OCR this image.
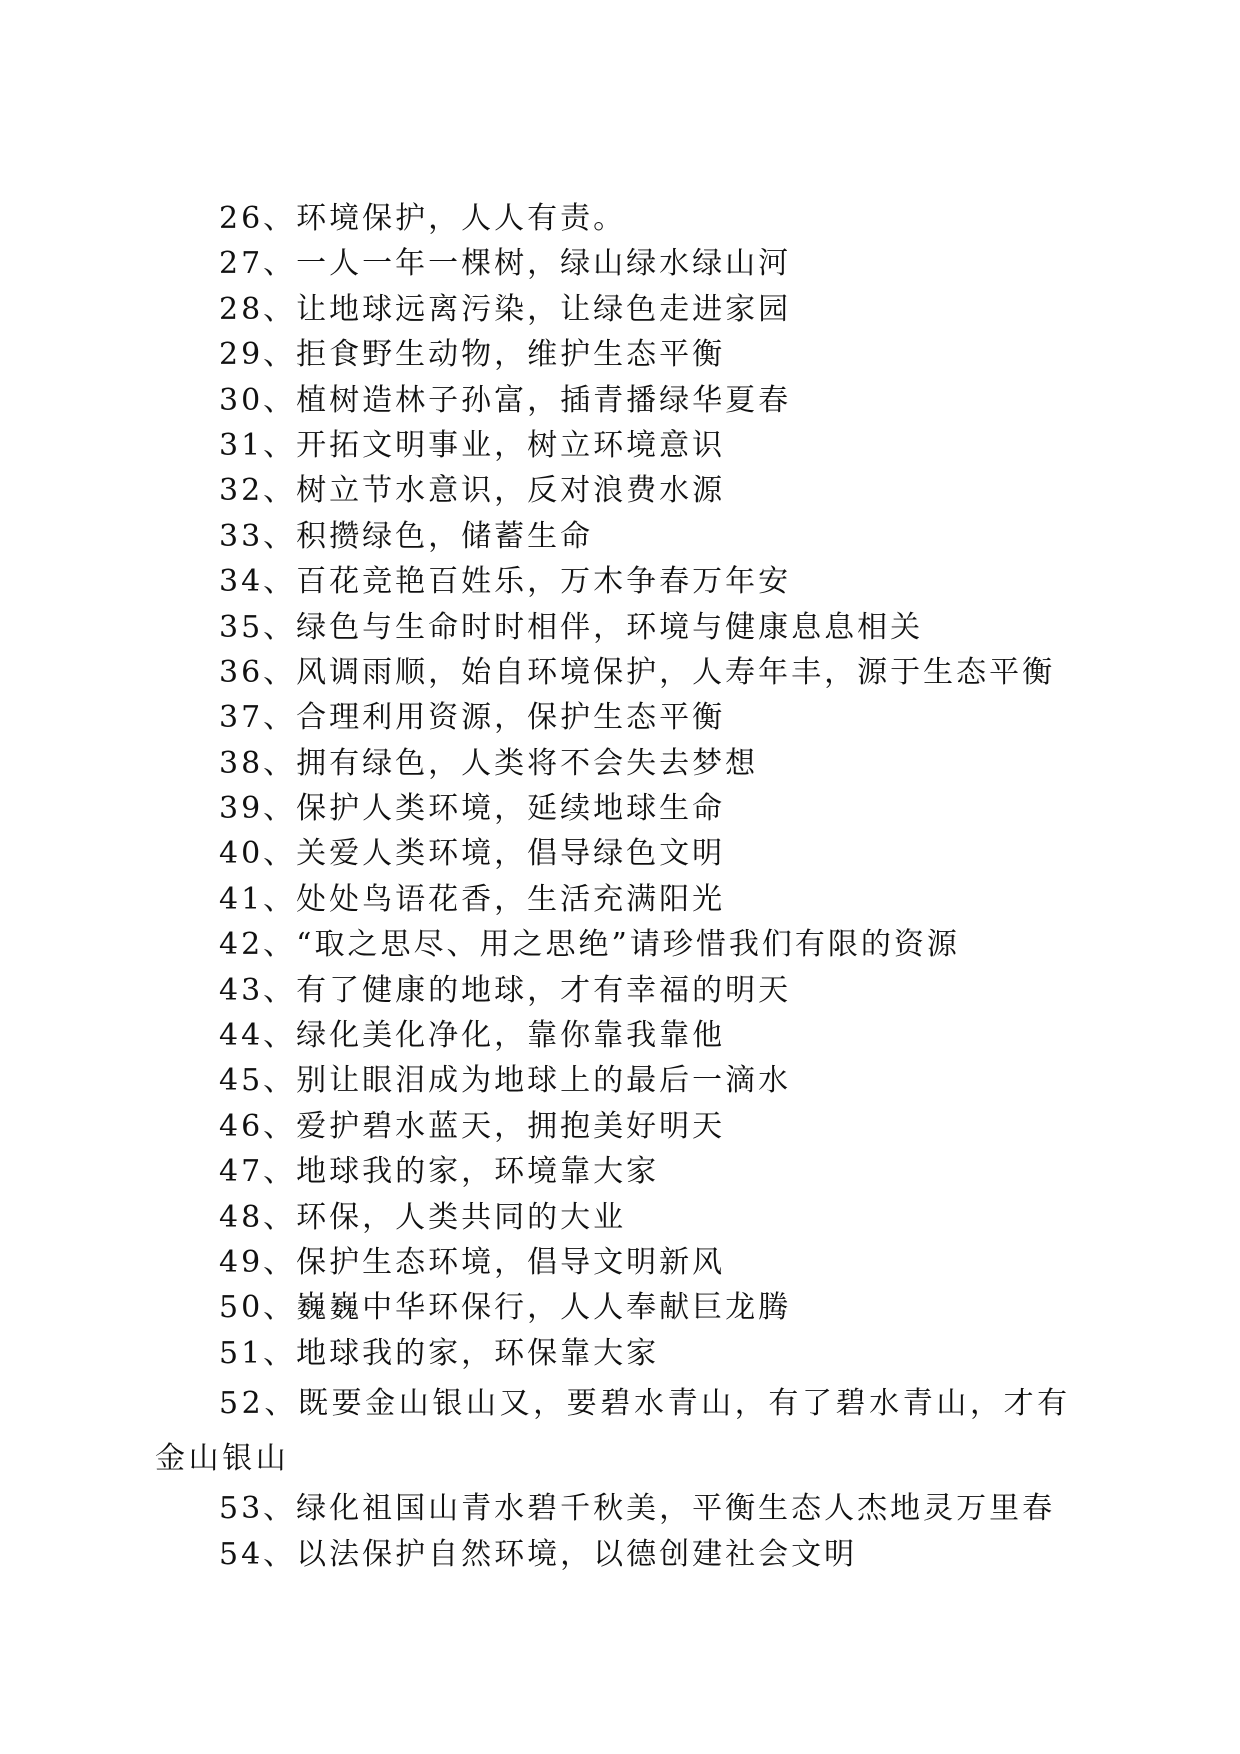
26、环境保护，人人有责。
27、一人一年一棵树，绿山绿水绿山河
28、让地球远离污染，让绿色走进家园
29、拒食野生动物，维护生态平衡
30、植树造林子孙富，插青播绿华夏春
31、开拓文明事业，树立环境意识
32、树立节水意识，反对浪费水源
33、积攒绿色，储蓄生命
34、百花竞艳百姓乐，万木争春万年安
35、绿色与生命时时相伴，环境与健康息息相关
36、风调雨顺，始自环境保护，人寿年丰，源于生态平衡
37、合理利用资源，保护生态平衡
38、拥有绿色，人类将不会失去梦想
39、保护人类环境，延续地球生命
40、关爱人类环境，倡导绿色文明
41、处处鸟语花香，生活充满阳光
42、“取之思尽、用之思绝”请珍惜我们有限的资源
43、有了健康的地球，才有幸福的明天
44、绿化美化净化，靠你靠我靠他
45、别让眼泪成为地球上的最后一滴水
46、爱护碧水蓝天，拥抱美好明天
47、地球我的家，环境靠大家
48、环保，人类共同的大业
49、保护生态环境，倡导文明新风
50、巍巍中华环保行，人人奉献巨龙腾
51、地球我的家，环保靠大家
52、既要金山银山又，要碧水青山，有了碧水青山，才有金山银山
53、绿化祖国山青水碧千秋美，平衡生态人杰地灵万里春
54、以法保护自然环境，以德创建社会文明
